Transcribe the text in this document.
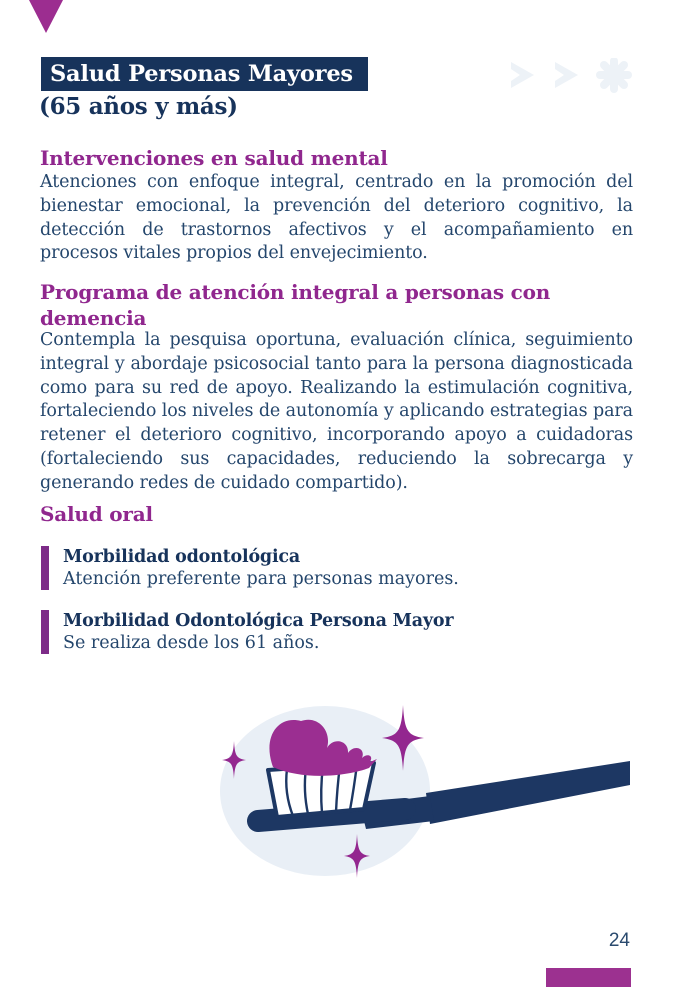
Salud Personas Mayores
(65 años y más)
Intervenciones en salud mental

Atenciones con enfoque integral, centrado en la promoción del bienestar emocional, la prevención del deterioro cognitivo, la detección de trastornos afectivos y el acompañamiento en procesos vitales propios del envejecimiento.

Programa de atención integral a personas con demencia

Contempla la pesquisa oportuna, evaluación clínica, seguimiento integral y abordaje psicosocial tanto para la persona diagnosticada como para su red de apoyo. Realizando la estimulación cognitiva, fortaleciendo los niveles de autonomía y aplicando estrategias para retener el deterioro cognitivo, incorporando apoyo a cuidadoras (fortaleciendo sus capacidades, reduciendo la sobrecarga y generando redes de cuidado compartido).

Salud oral
Morbilidad odontológica
Atención preferente para personas mayores.
Morbilidad Odontológica Persona Mayor
Se realiza desde los 61 años.
24
